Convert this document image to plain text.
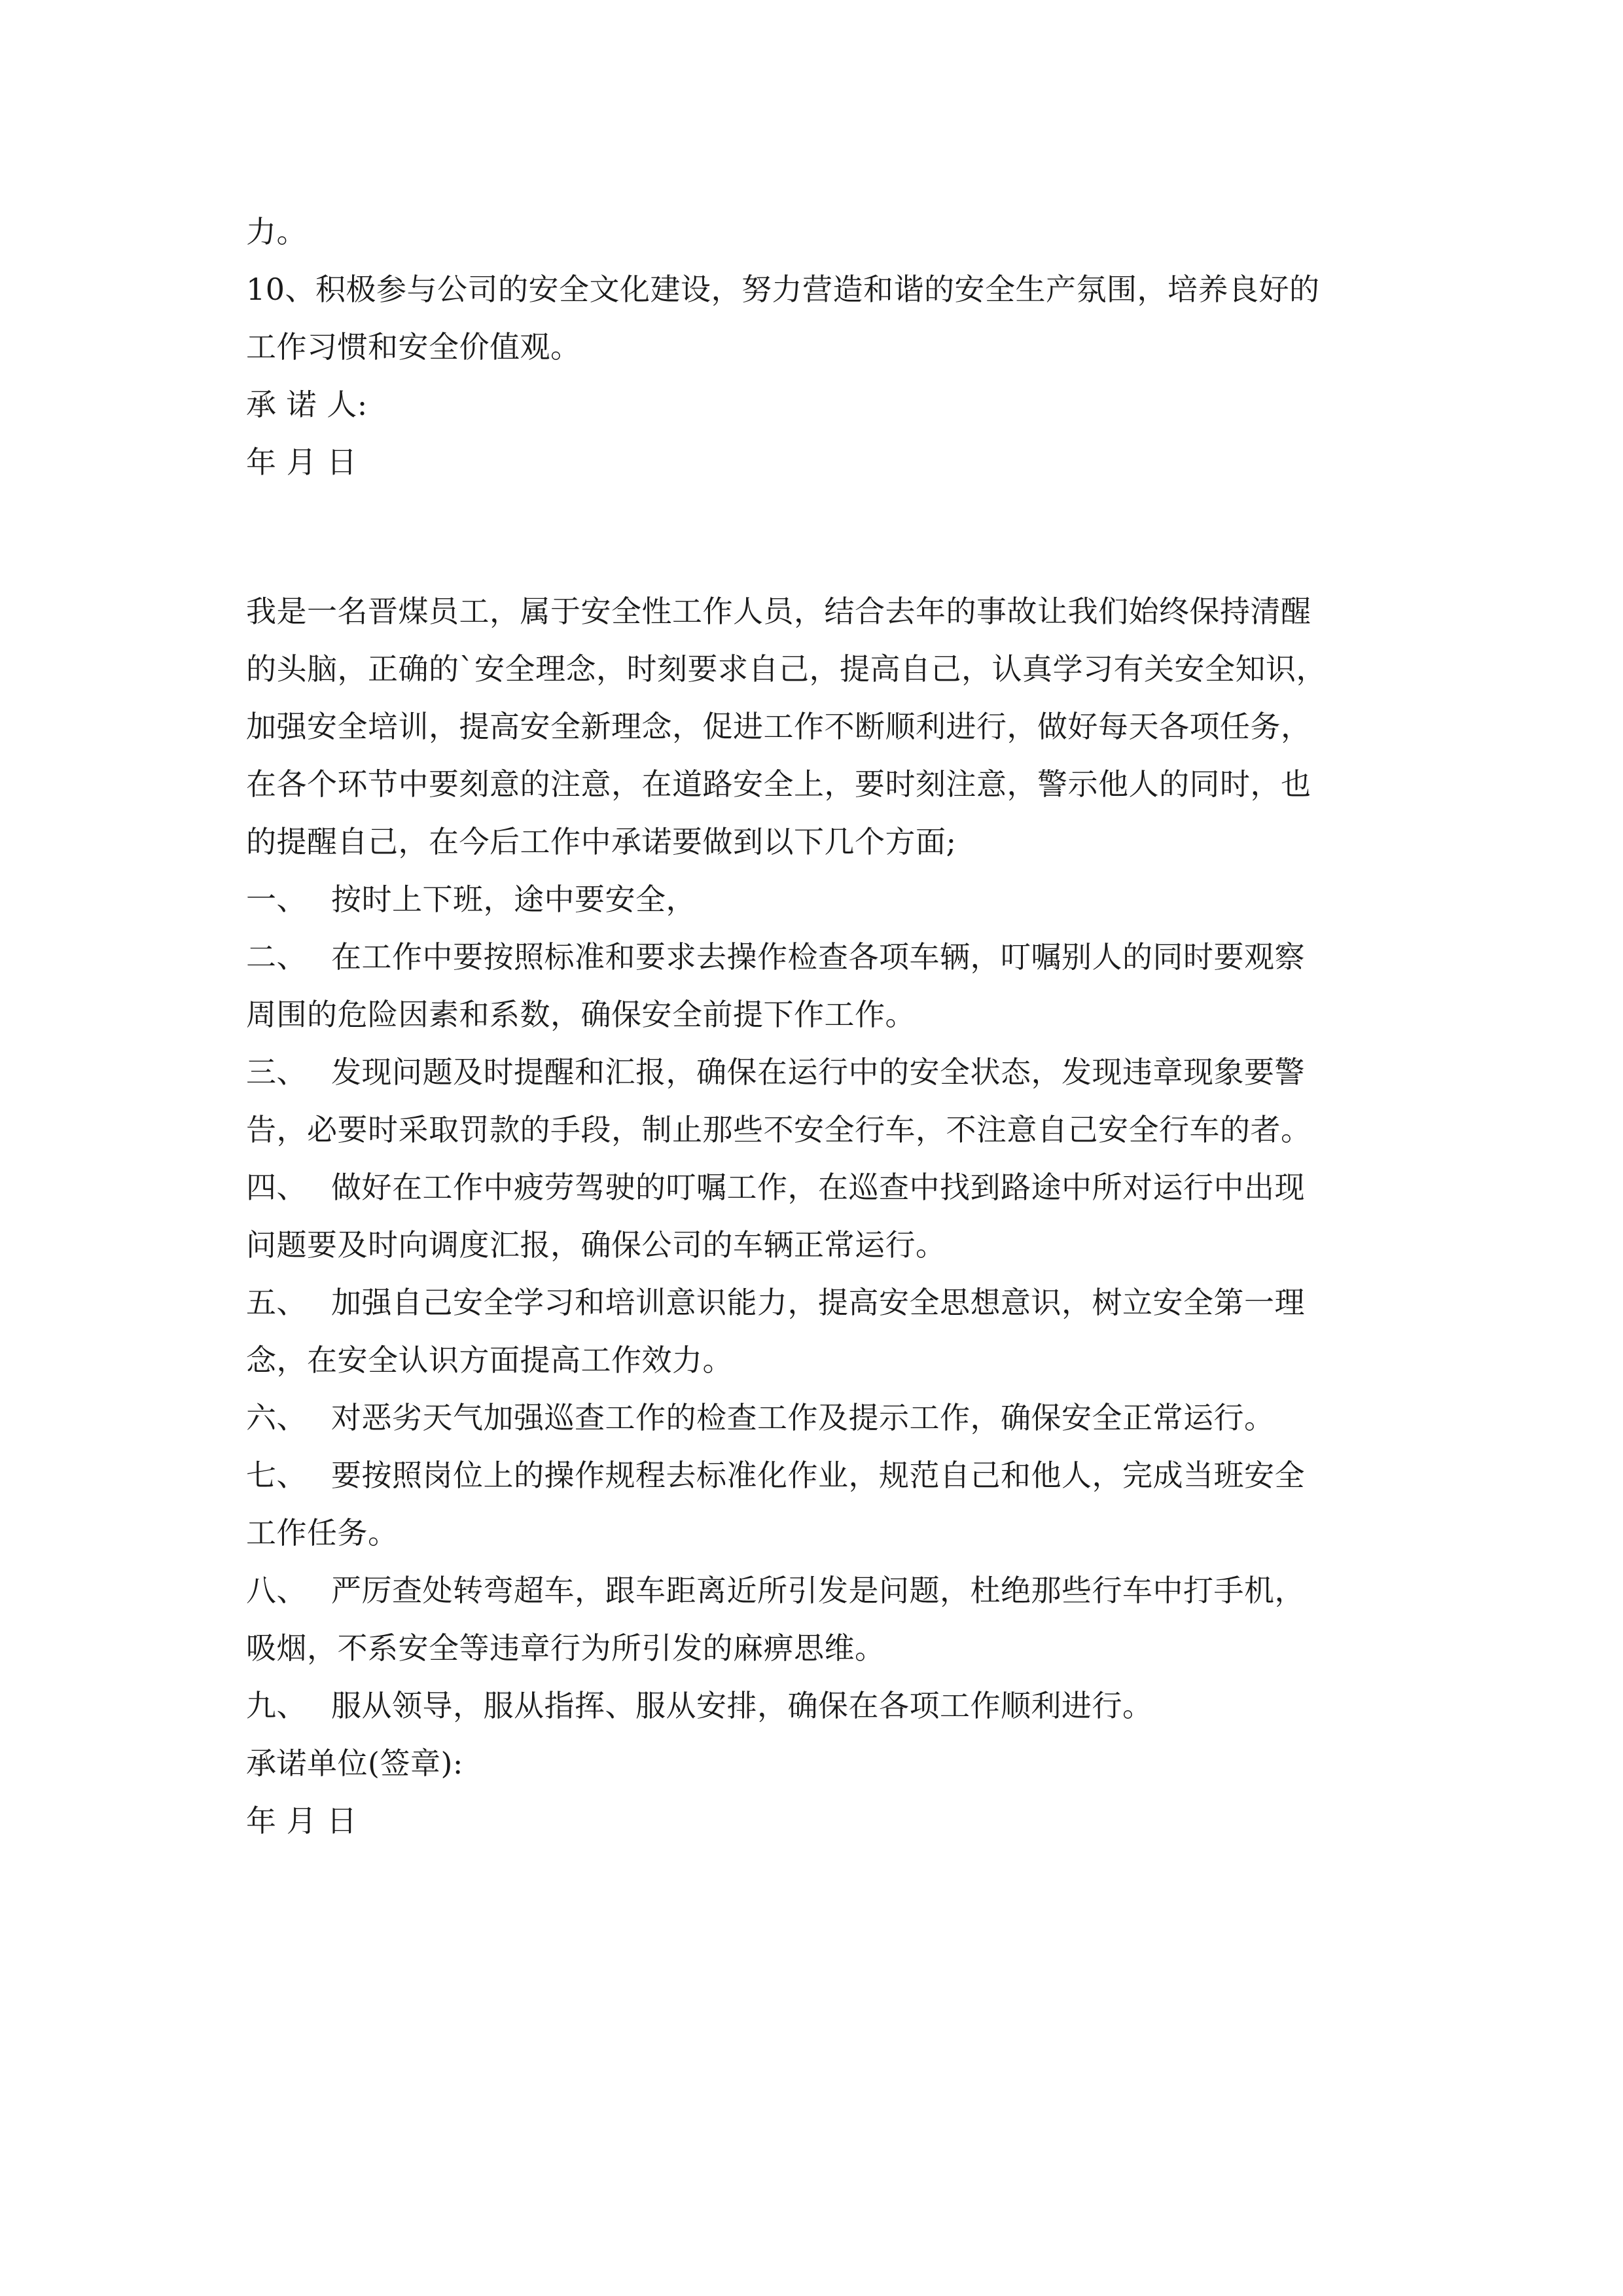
力。
10、积极参与公司的安全文化建设，努力营造和谐的安全生产氛围，培养良好的
工作习惯和安全价值观。
承 诺 人:
年 月 日
我是一名晋煤员工，属于安全性工作人员，结合去年的事故让我们始终保持清醒
的头脑，正确的`安全理念，时刻要求自己，提高自己，认真学习有关安全知识，
加强安全培训，提高安全新理念，促进工作不断顺利进行，做好每天各项任务，
在各个环节中要刻意的注意，在道路安全上，要时刻注意，警示他人的同时，也
的提醒自己，在今后工作中承诺要做到以下几个方面;
一、 按时上下班，途中要安全，
二、 在工作中要按照标准和要求去操作检查各项车辆，叮嘱别人的同时要观察
周围的危险因素和系数，确保安全前提下作工作。
三、 发现问题及时提醒和汇报，确保在运行中的安全状态，发现违章现象要警
告，必要时采取罚款的手段，制止那些不安全行车，不注意自己安全行车的者。
四、 做好在工作中疲劳驾驶的叮嘱工作，在巡查中找到路途中所对运行中出现
问题要及时向调度汇报，确保公司的车辆正常运行。
五、 加强自己安全学习和培训意识能力，提高安全思想意识，树立安全第一理
念，在安全认识方面提高工作效力。
六、 对恶劣天气加强巡查工作的检查工作及提示工作，确保安全正常运行。
七、 要按照岗位上的操作规程去标准化作业，规范自己和他人，完成当班安全
工作任务。
八、 严厉查处转弯超车，跟车距离近所引发是问题，杜绝那些行车中打手机，
吸烟，不系安全等违章行为所引发的麻痹思维。
九、 服从领导，服从指挥、服从安排，确保在各项工作顺利进行。
承诺单位(签章):
年 月 日
